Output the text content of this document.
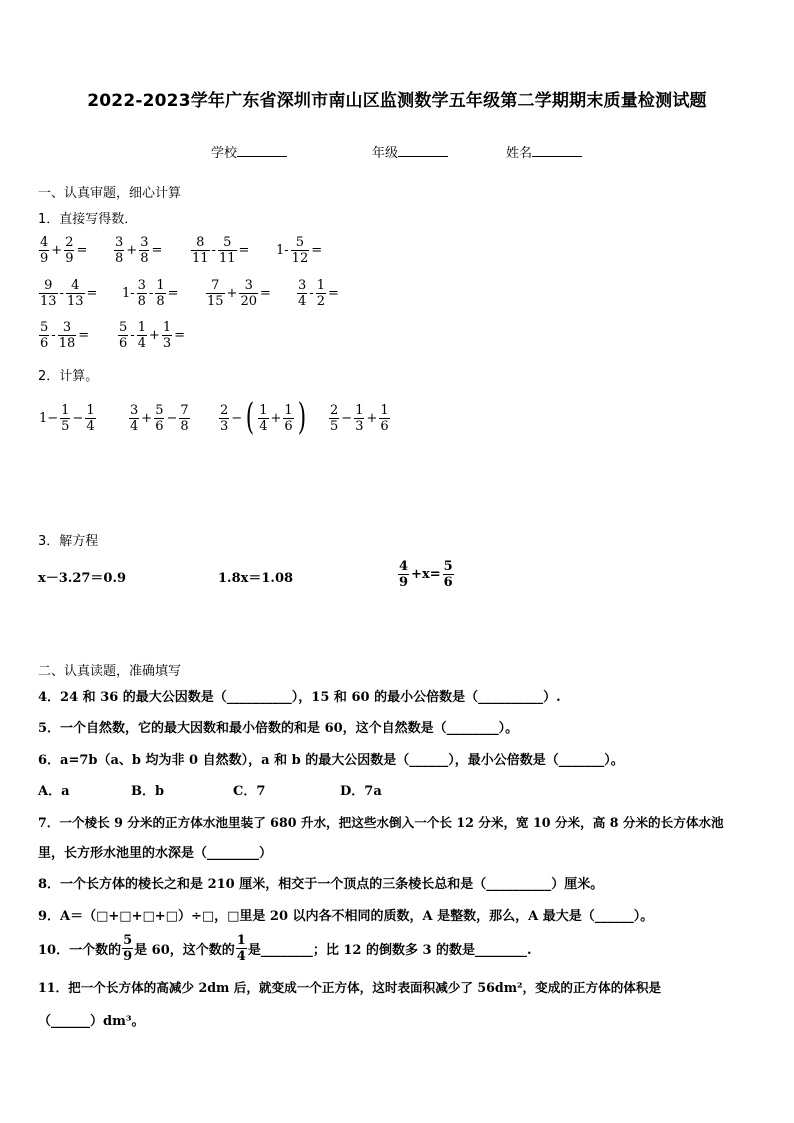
2022-2023学年广东省深圳市南山区监测数学五年级第二学期期末质量检测试题
学校	年级	姓名
一、认真审题，细心计算
1．直接写得数．
$\frac{4}{9} + \frac{2}{9} = \frac{3}{8} + \frac{3}{8} = \frac{8}{11} - \frac{5}{11} = 1- \frac{5}{12}$ =
$\frac{9}{13} - \frac{4}{13} = 1- \frac{3}{8} - \frac{1}{8} = \frac{7}{15} + \frac{3}{20} = \frac{3}{4} - \frac{1}{2}$ =
$\frac{5}{6} - \frac{3}{18} = \frac{5}{6} - \frac{1}{4} + \frac{1}{3}$ =
2．计算。
$1- \frac{1}{5} - \frac{1}{4}$	$\frac{3}{4} + \frac{5}{6} - \frac{7}{8} \frac{2}{3}$ − ( $\frac{1}{4} + \frac{1}{6}$ ) $\frac{2}{5} - \frac{1}{3} + \frac{1}{6}$
3．解方程
x－3.27＝0.9	1.8x＝1.08	$\frac{4}{9} +x= \frac{5}{6}$
二、认真读题，准确填写
4．24 和 36 的最大公因数是（__________），15 和 60 的最小公倍数是（__________）.
5．一个自然数，它的最大因数和最小倍数的和是 60，这个自然数是（________）。
6．a=7b（a、b 均为非 0 自然数），a 和 b 的最大公因数是（______），最小公倍数是（_______）。
A．a	B．b	C．7	D．7a
7．一个棱长 9 分米的正方体水池里装了 680 升水，把这些水倒入一个长 12 分米，宽 10 分米，高 8 分米的长方体水池
里，长方形水池里的水深是（________）
8．一个长方体的棱长之和是 210 厘米，相交于一个顶点的三条棱长总和是（__________）厘米。
9．A＝（□+□+□+□）÷□，□里是 20 以内各不相同的质数，A 是整数，那么，A 最大是（______）。
10．一个数的 $\frac{5}{9}$ 是 60，这个数的 $\frac{1}{4}$ 是________；比 12 的倒数多 3 的数是________.
11．把一个长方体的高减少 2dm 后，就变成一个正方体，这时表面积减少了 56dm²，变成的正方体的体积是
（______）dm³。
